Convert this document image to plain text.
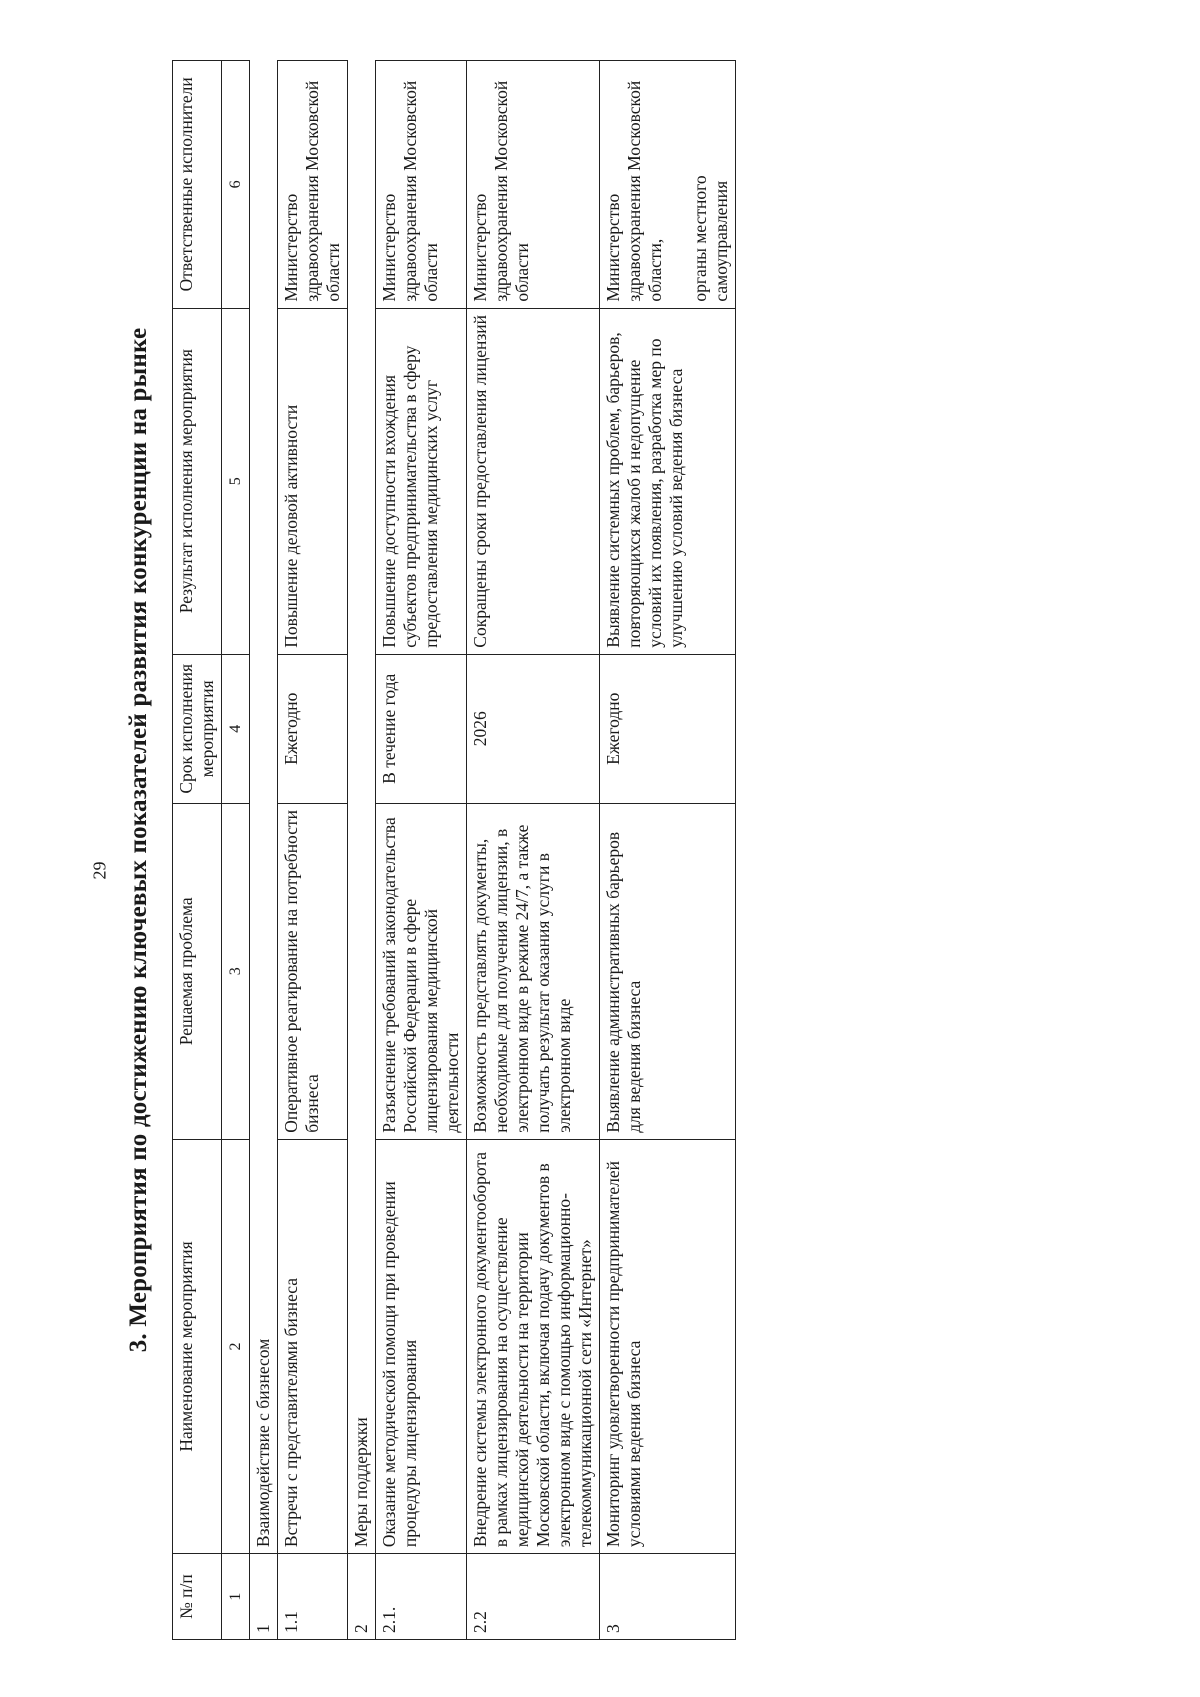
29 3. Мероприятия по достижению ключевых показателей развития конкуренции на рынке
№ п/п	Наименование мероприятия	Решаемая проблема	Срок исполнения мероприятия	Результат исполнения мероприятия	Ответственные исполнители
1	2	3	4	5	6
1	Взаимодействие с бизнесом				
1.1	Встречи с представителями бизнеса	Оперативное реагирование на потребности бизнеса	Ежегодно	Повышение деловой активности	Министерство здравоохранения Московской области
2	Меры поддержки				
2.1.	Оказание методической помощи при проведении процедуры лицензирования	Разъяснение требований законодательства Российской Федерации в сфере лицензирования медицинской деятельности	В течение года	Повышение доступности вхождения субъектов предпринимательства в сферу предоставления медицинских услуг	Министерство здравоохранения Московской области
2.2	Внедрение системы электронного документооборота в рамках лицензирования на осуществление медицинской деятельности на территории Московской области, включая подачу документов в электронном виде с помощью информационно-телекоммуникационной сети «Интернет»	Возможность представлять документы, необходимые для получения лицензии, в электронном виде в режиме 24/7, а также получать результат оказания услуги в электронном виде	2026	Сокращены сроки предоставления лицензий	Министерство здравоохранения Московской области
3	Мониторинг удовлетворенности предпринимателей условиями ведения бизнеса	Выявление административных барьеров для ведения бизнеса	Ежегодно	Выявление системных проблем, барьеров, повторяющихся жалоб и недопущение условий их появления, разработка мер по улучшению условий ведения бизнеса	Министерство здравоохранения Московской области, органы местного самоуправления
